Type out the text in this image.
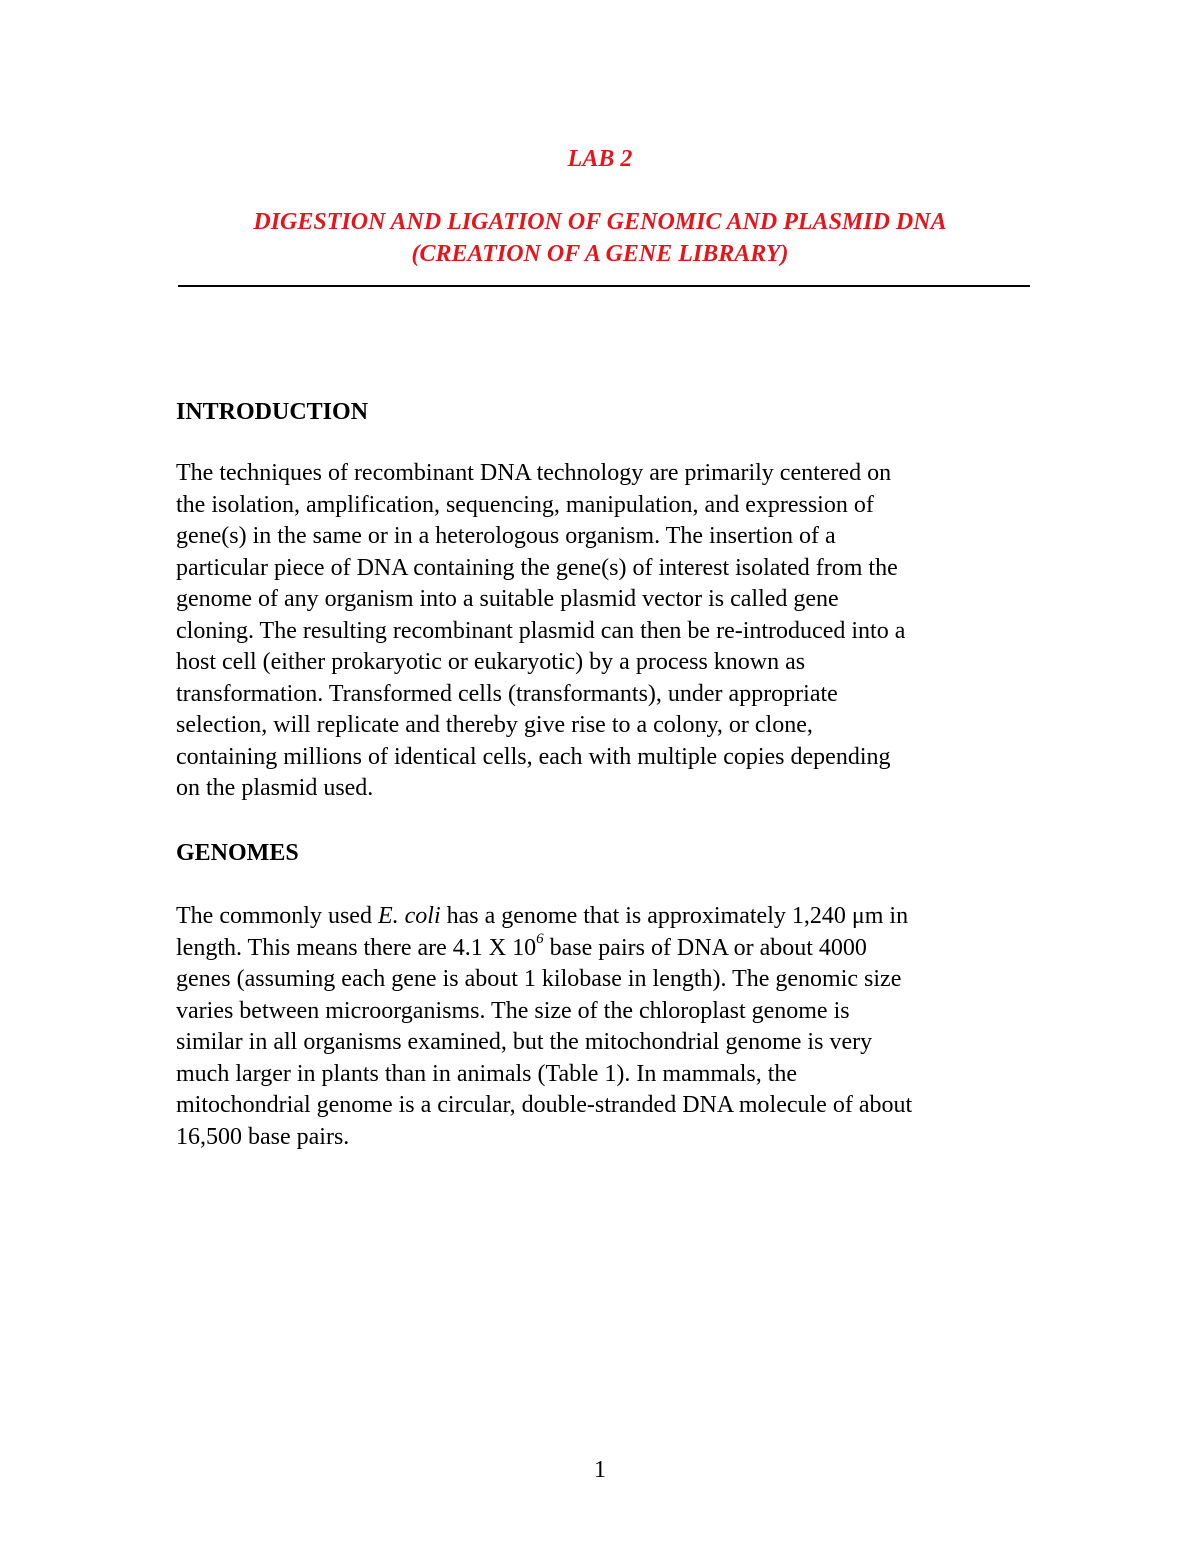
LAB 2
DIGESTION AND LIGATION OF GENOMIC AND PLASMID DNA
(CREATION OF A GENE LIBRARY)
INTRODUCTION

The techniques of recombinant DNA technology are primarily centered on
the isolation, amplification, sequencing, manipulation, and expression of
gene(s) in the same or in a heterologous organism. The insertion of a
particular piece of DNA containing the gene(s) of interest isolated from the
genome of any organism into a suitable plasmid vector is called gene
cloning. The resulting recombinant plasmid can then be re-introduced into a
host cell (either prokaryotic or eukaryotic) by a process known as
transformation. Transformed cells (transformants), under appropriate
selection, will replicate and thereby give rise to a colony, or clone,
containing millions of identical cells, each with multiple copies depending
on the plasmid used.

GENOMES

The commonly used E. coli has a genome that is approximately 1,240 μm in
length. This means there are 4.1 X $10^6$ base pairs of DNA or about 4000
genes (assuming each gene is about 1 kilobase in length). The genomic size
varies between microorganisms. The size of the chloroplast genome is
similar in all organisms examined, but the mitochondrial genome is very
much larger in plants than in animals (Table 1). In mammals, the
mitochondrial genome is a circular, double-stranded DNA molecule of about
16,500 base pairs.

1
